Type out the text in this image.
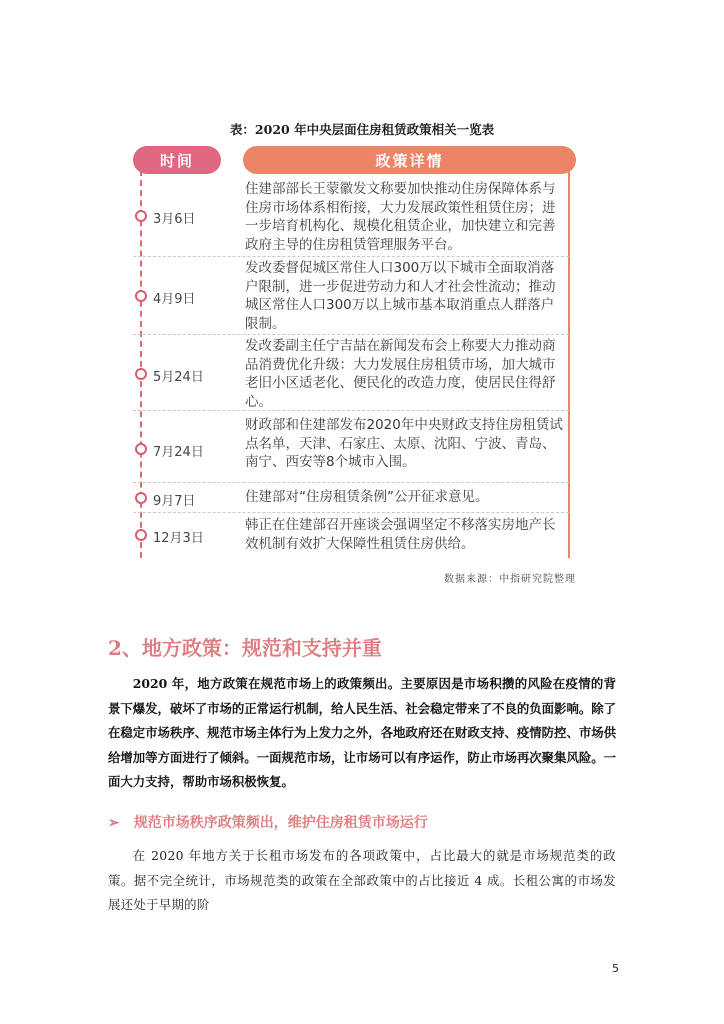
表：2020 年中央层面住房租赁政策相关一览表
时间	政策详情
3月6日
住建部部长王蒙徽发文称要加快推动住房保障体系与住房市场体系相衔接，大力发展政策性租赁住房；进一步培育机构化、规模化租赁企业，加快建立和完善政府主导的住房租赁管理服务平台。
4月9日
发改委督促城区常住人口300万以下城市全面取消落户限制，进一步促进劳动力和人才社会性流动；推动城区常住人口300万以上城市基本取消重点人群落户限制。
5月24日
发改委副主任宁吉喆在新闻发布会上称要大力推动商品消费优化升级：大力发展住房租赁市场，加大城市老旧小区适老化、便民化的改造力度，使居民住得舒心。
7月24日
财政部和住建部发布2020年中央财政支持住房租赁试点名单，天津、石家庄、太原、沈阳、宁波、青岛、南宁、西安等8个城市入围。
9月7日	住建部对“住房租赁条例”公开征求意见。
12月3日
韩正在住建部召开座谈会强调坚定不移落实房地产长效机制有效扩大保障性租赁住房供给。
数据来源：中指研究院整理
2、地方政策：规范和支持并重
2020 年，地方政策在规范市场上的政策频出。主要原因是市场积攒的风险在疫情的背景下爆发，破坏了市场的正常运行机制，给人民生活、社会稳定带来了不良的负面影响。除了在稳定市场秩序、规范市场主体行为上发力之外，各地政府还在财政支持、疫情防控、市场供给增加等方面进行了倾斜。一面规范市场，让市场可以有序运作，防止市场再次聚集风险。一面大力支持，帮助市场积极恢复。
➢ 规范市场秩序政策频出，维护住房租赁市场运行
在 2020 年地方关于长租市场发布的各项政策中，占比最大的就是市场规范类的政策。据不完全统计，市场规范类的政策在全部政策中的占比接近 4 成。长租公寓的市场发展还处于早期的阶
5
